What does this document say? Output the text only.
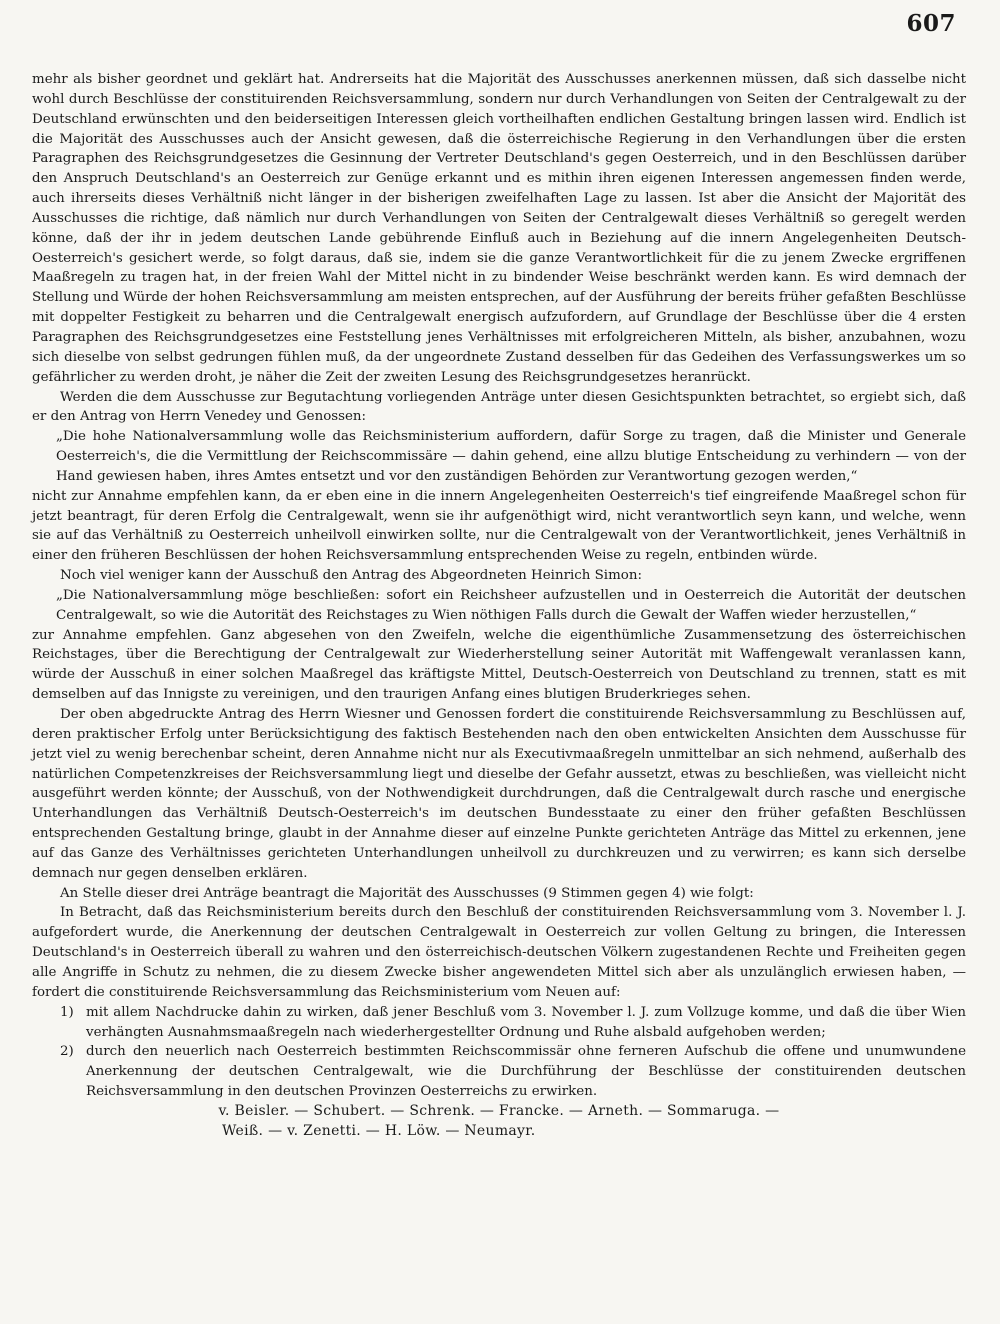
607

mehr als bisher geordnet und geklärt hat. Andrerseits hat die Majorität des Ausschusses anerkennen müssen, daß sich dasselbe nicht wohl durch Beschlüsse der constituirenden Reichsversammlung, sondern nur durch Verhandlungen von Seiten der Centralgewalt zu der Deutschland erwünschten und den beiderseitigen Interessen gleich vortheilhaften endlichen Gestaltung bringen lassen wird. Endlich ist die Majorität des Ausschusses auch der Ansicht gewesen, daß die österreichische Regierung in den Verhandlungen über die ersten Paragraphen des Reichsgrundgesetzes die Gesinnung der Vertreter Deutschland's gegen Oesterreich, und in den Beschlüssen darüber den Anspruch Deutschland's an Oesterreich zur Genüge erkannt und es mithin ihren eigenen Interessen angemessen finden werde, auch ihrerseits dieses Verhältniß nicht länger in der bisherigen zweifelhaften Lage zu lassen. Ist aber die Ansicht der Majorität des Ausschusses die richtige, daß nämlich nur durch Verhandlungen von Seiten der Centralgewalt dieses Verhältniß so geregelt werden könne, daß der ihr in jedem deutschen Lande gebührende Einfluß auch in Beziehung auf die innern Angelegenheiten Deutsch-Oesterreich's gesichert werde, so folgt daraus, daß sie, indem sie die ganze Verantwortlichkeit für die zu jenem Zwecke ergriffenen Maaßregeln zu tragen hat, in der freien Wahl der Mittel nicht in zu bindender Weise beschränkt werden kann. Es wird demnach der Stellung und Würde der hohen Reichsversammlung am meisten entsprechen, auf der Ausführung der bereits früher gefaßten Beschlüsse mit doppelter Festigkeit zu beharren und die Centralgewalt energisch aufzufordern, auf Grundlage der Beschlüsse über die 4 ersten Paragraphen des Reichsgrundgesetzes eine Feststellung jenes Verhältnisses mit erfolgreicheren Mitteln, als bisher, anzubahnen, wozu sich dieselbe von selbst gedrungen fühlen muß, da der ungeordnete Zustand desselben für das Gedeihen des Verfassungswerkes um so gefährlicher zu werden droht, je näher die Zeit der zweiten Lesung des Reichsgrundgesetzes heranrückt.

Werden die dem Ausschusse zur Begutachtung vorliegenden Anträge unter diesen Gesichtspunkten betrachtet, so ergiebt sich, daß er den Antrag von Herrn Venedey und Genossen:

„Die hohe Nationalversammlung wolle das Reichsministerium auffordern, dafür Sorge zu tragen, daß die Minister und Generale Oesterreich's, die die Vermittlung der Reichscommissäre — dahin gehend, eine allzu blutige Entscheidung zu verhindern — von der Hand gewiesen haben, ihres Amtes entsetzt und vor den zuständigen Behörden zur Verantwortung gezogen werden,“

nicht zur Annahme empfehlen kann, da er eben eine in die innern Angelegenheiten Oesterreich's tief eingreifende Maaßregel schon für jetzt beantragt, für deren Erfolg die Centralgewalt, wenn sie ihr aufgenöthigt wird, nicht verantwortlich seyn kann, und welche, wenn sie auf das Verhältniß zu Oesterreich unheilvoll einwirken sollte, nur die Centralgewalt von der Verantwortlichkeit, jenes Verhältniß in einer den früheren Beschlüssen der hohen Reichsversammlung entsprechenden Weise zu regeln, entbinden würde.

Noch viel weniger kann der Ausschuß den Antrag des Abgeordneten Heinrich Simon:

„Die Nationalversammlung möge beschließen: sofort ein Reichsheer aufzustellen und in Oesterreich die Autorität der deutschen Centralgewalt, so wie die Autorität des Reichstages zu Wien nöthigen Falls durch die Gewalt der Waffen wieder herzustellen,“

zur Annahme empfehlen. Ganz abgesehen von den Zweifeln, welche die eigenthümliche Zusammensetzung des österreichischen Reichstages, über die Berechtigung der Centralgewalt zur Wiederherstellung seiner Autorität mit Waffengewalt veranlassen kann, würde der Ausschuß in einer solchen Maaßregel das kräftigste Mittel, Deutsch-Oesterreich von Deutschland zu trennen, statt es mit demselben auf das Innigste zu vereinigen, und den traurigen Anfang eines blutigen Bruderkrieges sehen.

Der oben abgedruckte Antrag des Herrn Wiesner und Genossen fordert die constituirende Reichsversammlung zu Beschlüssen auf, deren praktischer Erfolg unter Berücksichtigung des faktisch Bestehenden nach den oben entwickelten Ansichten dem Ausschusse für jetzt viel zu wenig berechenbar scheint, deren Annahme nicht nur als Executivmaaßregeln unmittelbar an sich nehmend, außerhalb des natürlichen Competenzkreises der Reichsversammlung liegt und dieselbe der Gefahr aussetzt, etwas zu beschließen, was vielleicht nicht ausgeführt werden könnte; der Ausschuß, von der Nothwendigkeit durchdrungen, daß die Centralgewalt durch rasche und energische Unterhandlungen das Verhältniß Deutsch-Oesterreich's im deutschen Bundesstaate zu einer den früher gefaßten Beschlüssen entsprechenden Gestaltung bringe, glaubt in der Annahme dieser auf einzelne Punkte gerichteten Anträge das Mittel zu erkennen, jene auf das Ganze des Verhältnisses gerichteten Unterhandlungen unheilvoll zu durchkreuzen und zu verwirren; es kann sich derselbe demnach nur gegen denselben erklären.

An Stelle dieser drei Anträge beantragt die Majorität des Ausschusses (9 Stimmen gegen 4) wie folgt:

In Betracht, daß das Reichsministerium bereits durch den Beschluß der constituirenden Reichsversammlung vom 3. November l. J. aufgefordert wurde, die Anerkennung der deutschen Centralgewalt in Oesterreich zur vollen Geltung zu bringen, die Interessen Deutschland's in Oesterreich überall zu wahren und den österreichisch-deutschen Völkern zugestandenen Rechte und Freiheiten gegen alle Angriffe in Schutz zu nehmen, die zu diesem Zwecke bisher angewendeten Mittel sich aber als unzulänglich erwiesen haben, — fordert die constituirende Reichsversammlung das Reichsministerium vom Neuen auf:

1) mit allem Nachdrucke dahin zu wirken, daß jener Beschluß vom 3. November l. J. zum Vollzuge komme, und daß die über Wien verhängten Ausnahmsmaaßregeln nach wiederhergestellter Ordnung und Ruhe alsbald aufgehoben werden;
2) durch den neuerlich nach Oesterreich bestimmten Reichscommissär ohne ferneren Aufschub die offene und unumwundene Anerkennung der deutschen Centralgewalt, wie die Durchführung der Beschlüsse der constituirenden deutschen Reichsversammlung in den deutschen Provinzen Oesterreichs zu erwirken.

v. Beisler. — Schubert. — Schrenk. — Francke. — Arneth. — Sommaruga. —

Weiß. — v. Zenetti. — H. Löw. — Neumayr.
